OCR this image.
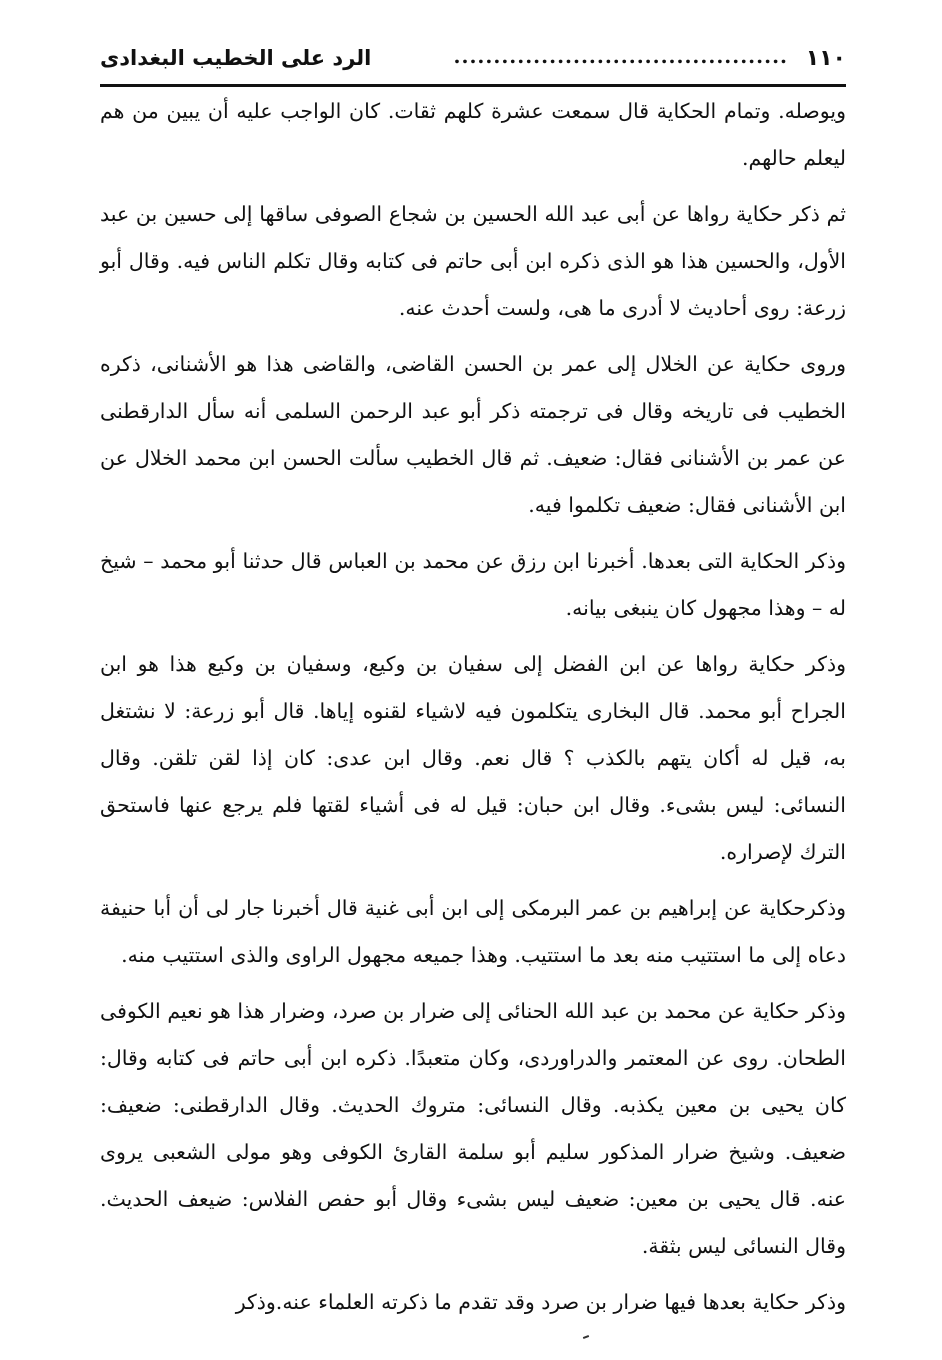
١١٠
..........................................
الرد على الخطيب البغدادى

ويوصله. وتمام الحكاية قال سمعت عشرة كلهم ثقات. كان الواجب عليه أن يبين من هم ليعلم حالهم.

ثم ذكر حكاية رواها عن أبى عبد الله الحسين بن شجاع الصوفى ساقها إلى حسين بن عبد الأول، والحسين هذا هو الذى ذكره ابن أبى حاتم فى كتابه وقال تكلم الناس فيه. وقال أبو زرعة: روى أحاديث لا أدرى ما هى، ولست أحدث عنه.

وروى حكاية عن الخلال إلى عمر بن الحسن القاضى، والقاضى هذا هو الأشنانى، ذكره الخطيب فى تاريخه وقال فى ترجمته ذكر أبو عبد الرحمن السلمى أنه سأل الدارقطنى عن عمر بن الأشنانى فقال: ضعيف. ثم قال الخطيب سألت الحسن ابن محمد الخلال عن ابن الأشنانى فقال: ضعيف تكلموا فيه.

وذكر الحكاية التى بعدها. أخبرنا ابن رزق عن محمد بن العباس قال حدثنا أبو محمد – شيخ له – وهذا مجهول كان ينبغى بيانه.

وذكر حكاية رواها عن ابن الفضل إلى سفيان بن وكيع، وسفيان بن وكيع هذا هو ابن الجراح أبو محمد. قال البخارى يتكلمون فيه لاشياء لقنوه إياها. قال أبو زرعة: لا نشتغل به، قيل له أكان يتهم بالكذب ؟ قال نعم. وقال ابن عدى: كان إذا لقن تلقن. وقال النسائى: ليس بشىء. وقال ابن حبان: قيل له فى أشياء لقتها فلم يرجع عنها فاستحق الترك لإصراره.

وذكرحكاية عن إبراهيم بن عمر البرمكى إلى ابن أبى غنية قال أخبرنا جار لى أن أبا حنيفة دعاه إلى ما استتيب منه بعد ما استتيب. وهذا جميعه مجهول الراوى والذى استتيب منه.

وذكر حكاية عن محمد بن عبد الله الحنائى إلى ضرار بن صرد، وضرار هذا هو نعيم الكوفى الطحان. روى عن المعتمر والدراوردى، وكان متعبدًا. ذكره ابن أبى حاتم فى كتابه وقال: كان يحيى بن معين يكذبه. وقال النسائى: متروك الحديث. وقال الدارقطنى: ضعيف: ضعيف. وشيخ ضرار المذكور سليم أبو سلمة القارئ الكوفى وهو مولى الشعبى يروى عنه. قال يحيى بن معين: ضعيف ليس بشىء وقال أبو حفص الفلاس: ضيعف الحديث. وقال النسائى ليس بثقة.

وذكر حكاية بعدها فيها ضرار بن صرد وقد تقدم ما ذكرته العلماء عنه.وذكر
